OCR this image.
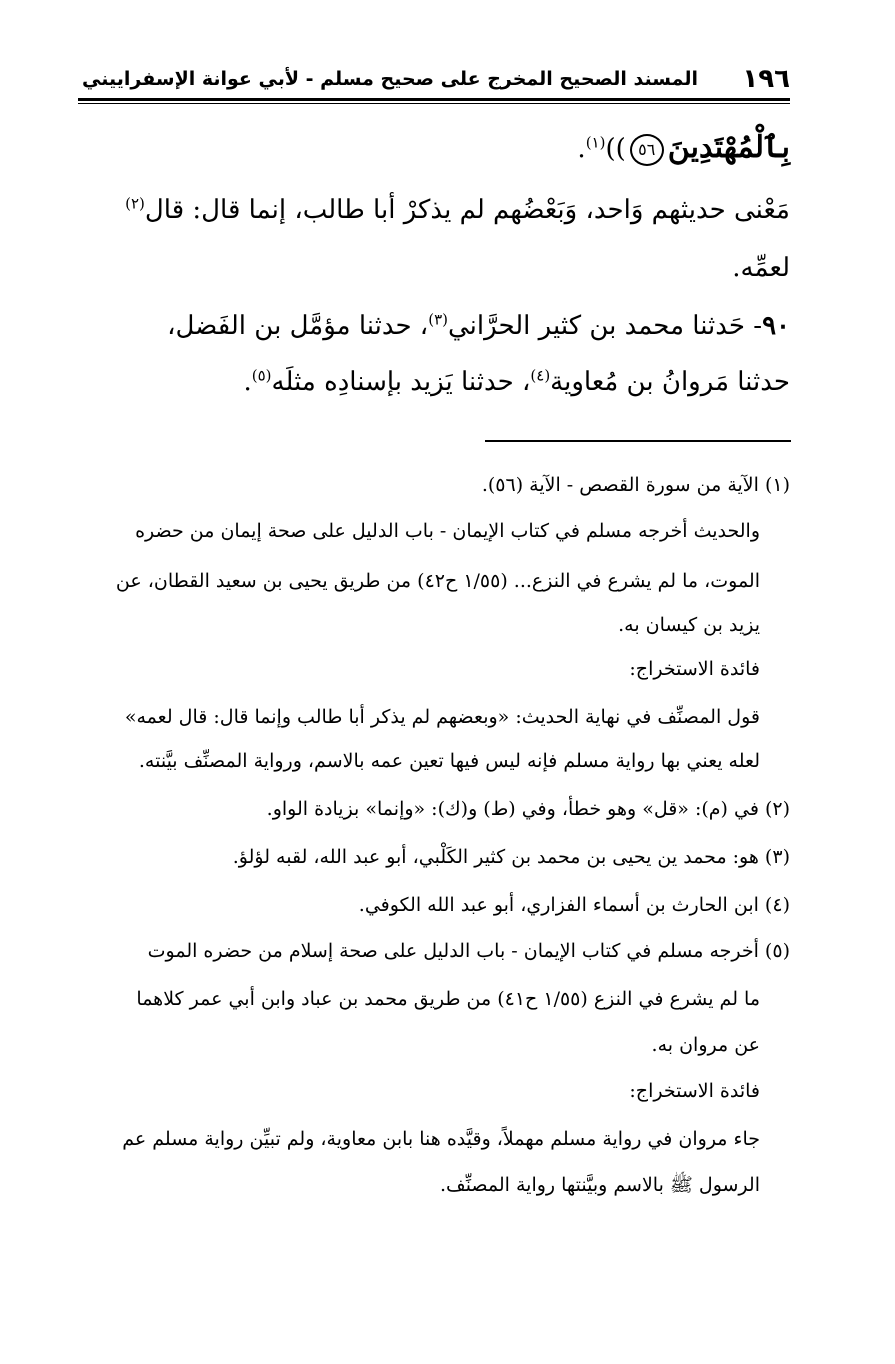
١٩٦
المسند الصحيح المخرج على صحيح مسلم - لأبي عوانة الإسفراييني
بِٱلْمُهْتَدِينَ٥٦))$^{(١)}$.
مَعْنى حديثهم وَاحد، وَبَعْضُهم لم يذكرْ أبا طالب، إنما قال: قال$^{(٢)}$
لعمِّه.
٩٠- حَدثنا محمد بن كثير الحرَّاني$^{(٣)}$، حدثنا مؤمَّل بن الفَضل،
حدثنا مَروانُ بن مُعاوية$^{(٤)}$، حدثنا يَزيد بإسنادِه مثلَه$^{(٥)}$.
(١) الآية من سورة القصص - الآية (٥٦).
والحديث أخرجه مسلم في كتاب الإيمان - باب الدليل على صحة إيمان من حضره
الموت، ما لم يشرع في النزع... (١/٥٥ ح٤٢) من طريق يحيى بن سعيد القطان، عن
يزيد بن كيسان به.
فائدة الاستخراج:
قول المصنِّف في نهاية الحديث: «وبعضهم لم يذكر أبا طالب وإنما قال: قال لعمه»
لعله يعني بها رواية مسلم فإنه ليس فيها تعين عمه بالاسم، ورواية المصنِّف بيَّنته.
(٢) في (م): «قل» وهو خطأ، وفي (ط) و(ك): «وإنما» بزيادة الواو.
(٣) هو: محمد ين يحيى بن محمد بن كثير الكَلْبي، أبو عبد الله، لقبه لؤلؤ.
(٤) ابن الحارث بن أسماء الفزاري، أبو عبد الله الكوفي.
(٥) أخرجه مسلم في كتاب الإيمان - باب الدليل على صحة إسلام من حضره الموت
ما لم يشرع في النزع (١/٥٥ ح٤١) من طريق محمد بن عباد وابن أبي عمر كلاهما
عن مروان به.
فائدة الاستخراج:
جاء مروان في رواية مسلم مهملاً، وقيَّده هنا بابن معاوية، ولم تبيِّن رواية مسلم عم
الرسول ﷺ بالاسم وبيَّنتها رواية المصنِّف.
